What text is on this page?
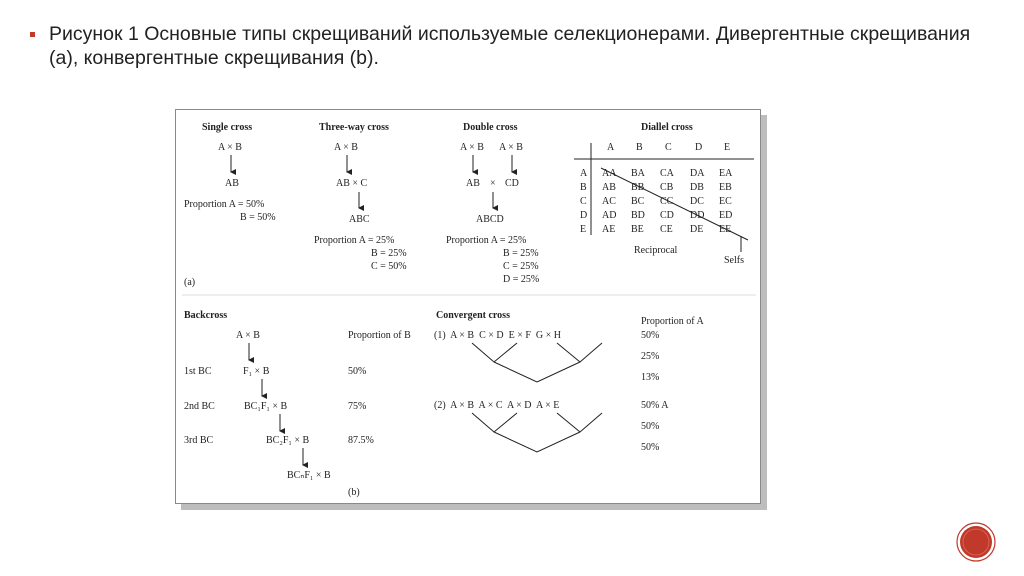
Рисунок 1 Основные типы скрещиваний используемые селекционерами. Дивергентные скрещивания (a), конвергентные скрещивания (b).
Single cross
A × B
AB
Proportion A = 50%
B = 50%
Three-way cross
A × B
AB × C
ABC
Proportion A = 25%
B = 25%
C = 50%
Double cross
A × B A × B
AB × CD
ABCD
Proportion A = 25%
B = 25%
C = 25%
D = 25%
Diallel cross
A B C D E
A AA BA CA DA EA
B AB BB CB DB EB
C AC BC CC DC EC
D AD BD CD DD ED
E AE BE CE DE EE
Reciprocal
Selfs
(a)
Backcross
A × B	Proportion of B
1st BC	F₁ × B	50%
2nd BC	BC₁F₁ × B	75%
3rd BC	BC₂F₁ × B	87.5%
BCₙF₁ × B
(b)
Convergent cross
Proportion of A
(1)  A × B  C × D  E × F  G × H	50%
25%
13%
(2)  A × B  A × C  A × D  A × E	50% A
50%
50%
